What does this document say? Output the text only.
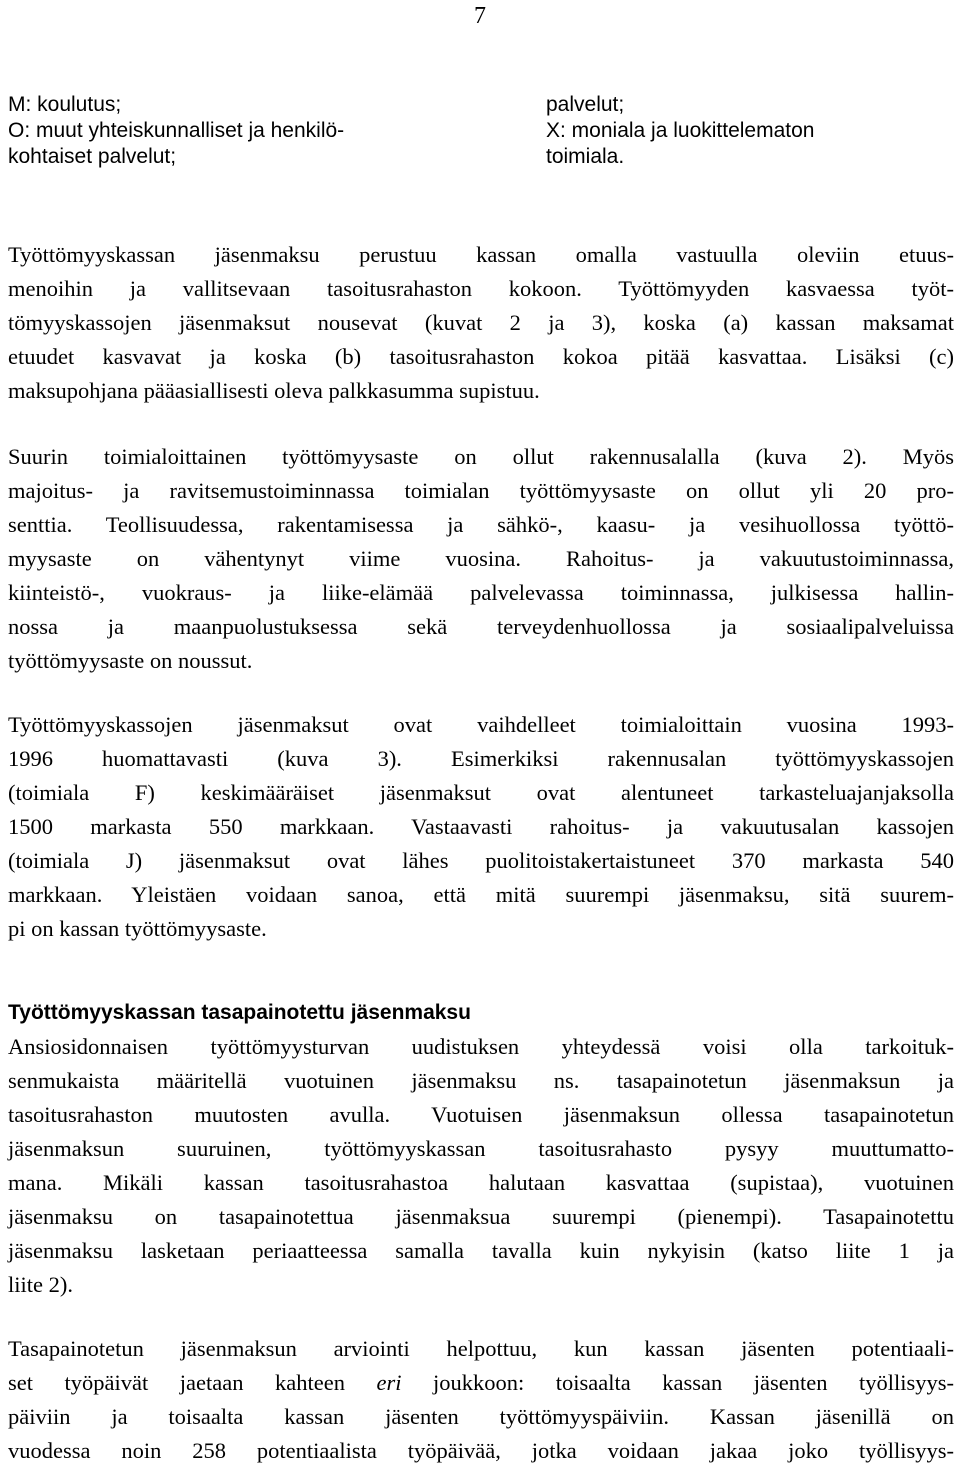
7
M: koulutus;
O: muut yhteiskunnalliset ja henkilö-
kohtaiset palvelut;
palvelut;
X: moniala ja luokittelematon
toimiala.

Työttömyyskassan jäsenmaksu perustuu kassan omalla vastuulla oleviin etuus-
menoihin ja vallitsevaan tasoitusrahaston kokoon. Työttömyyden kasvaessa työt-
tömyyskassojen jäsenmaksut nousevat (kuvat 2 ja 3), koska (a) kassan maksamat
etuudet kasvavat ja koska (b) tasoitusrahaston kokoa pitää kasvattaa. Lisäksi (c)
maksupohjana pääasiallisesti oleva palkkasumma supistuu.

Suurin toimialoittainen työttömyysaste on ollut rakennusalalla (kuva 2). Myös
majoitus- ja ravitsemustoiminnassa toimialan työttömyysaste on ollut yli 20 pro-
senttia. Teollisuudessa, rakentamisessa ja sähkö-, kaasu- ja vesihuollossa työttö-
myysaste on vähentynyt viime vuosina. Rahoitus- ja vakuutustoiminnassa,
kiinteistö-, vuokraus- ja liike-elämää palvelevassa toiminnassa, julkisessa hallin-
nossa ja maanpuolustuksessa sekä terveydenhuollossa ja sosiaalipalveluissa
työttömyysaste on noussut.

Työttömyyskassojen jäsenmaksut ovat vaihdelleet toimialoittain vuosina 1993-
1996 huomattavasti (kuva 3). Esimerkiksi rakennusalan työttömyyskassojen
(toimiala F) keskimääräiset jäsenmaksut ovat alentuneet tarkasteluajanjaksolla
1500 markasta 550 markkaan. Vastaavasti rahoitus- ja vakuutusalan kassojen
(toimiala J) jäsenmaksut ovat lähes puolitoistakertaistuneet 370 markasta 540
markkaan. Yleistäen voidaan sanoa, että mitä suurempi jäsenmaksu, sitä suurem-
pi on kassan työttömyysaste.

Työttömyyskassan tasapainotettu jäsenmaksu

Ansiosidonnaisen työttömyysturvan uudistuksen yhteydessä voisi olla tarkoituk-
senmukaista määritellä vuotuinen jäsenmaksu ns. tasapainotetun jäsenmaksun ja
tasoitusrahaston muutosten avulla. Vuotuisen jäsenmaksun ollessa tasapainotetun
jäsenmaksun suuruinen, työttömyyskassan tasoitusrahasto pysyy muuttumatto-
mana. Mikäli kassan tasoitusrahastoa halutaan kasvattaa (supistaa), vuotuinen
jäsenmaksu on tasapainotettua jäsenmaksua suurempi (pienempi). Tasapainotettu
jäsenmaksu lasketaan periaatteessa samalla tavalla kuin nykyisin (katso liite 1 ja
liite 2).

Tasapainotetun jäsenmaksun arviointi helpottuu, kun kassan jäsenten potentiaali-
set työpäivät jaetaan kahteen eri joukkoon: toisaalta kassan jäsenten työllisyys-
päiviin ja toisaalta kassan jäsenten työttömyyspäiviin. Kassan jäsenillä on
vuodessa noin 258 potentiaalista työpäivää, jotka voidaan jakaa joko työllisyys-
